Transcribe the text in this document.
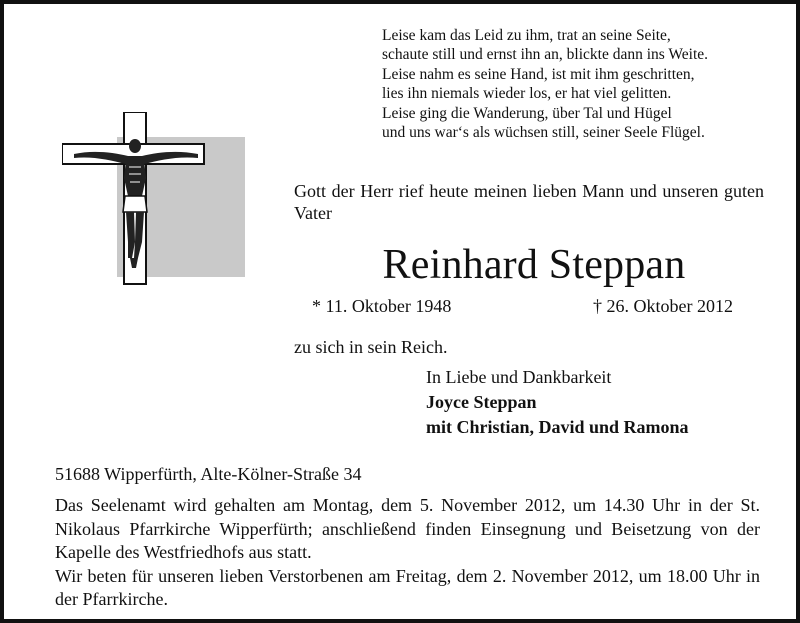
Leise kam das Leid zu ihm, trat an seine Seite,
schaute still und ernst ihn an, blickte dann ins Weite.
Leise nahm es seine Hand, ist mit ihm geschritten,
lies ihn niemals wieder los, er hat viel gelitten.
Leise ging die Wanderung, über Tal und Hügel
und uns war‘s als wüchsen still, seiner Seele Flügel.
Gott der Herr rief heute meinen lieben Mann und unseren guten Vater
Reinhard Steppan
* 11. Oktober 1948	† 26. Oktober 2012
zu sich in sein Reich.
In Liebe und Dankbarkeit
Joyce Steppan
mit Christian, David und Ramona
51688 Wipperfürth, Alte-Kölner-Straße 34

Das Seelenamt wird gehalten am Montag, dem 5. November 2012, um 14.30 Uhr in der St. Nikolaus Pfarrkirche Wipperfürth; anschließend finden Einsegnung und Beisetzung von der Kapelle des Westfriedhofs aus statt.

Wir beten für unseren lieben Verstorbenen am Freitag, dem 2. November 2012, um 18.00 Uhr in der Pfarrkirche.
